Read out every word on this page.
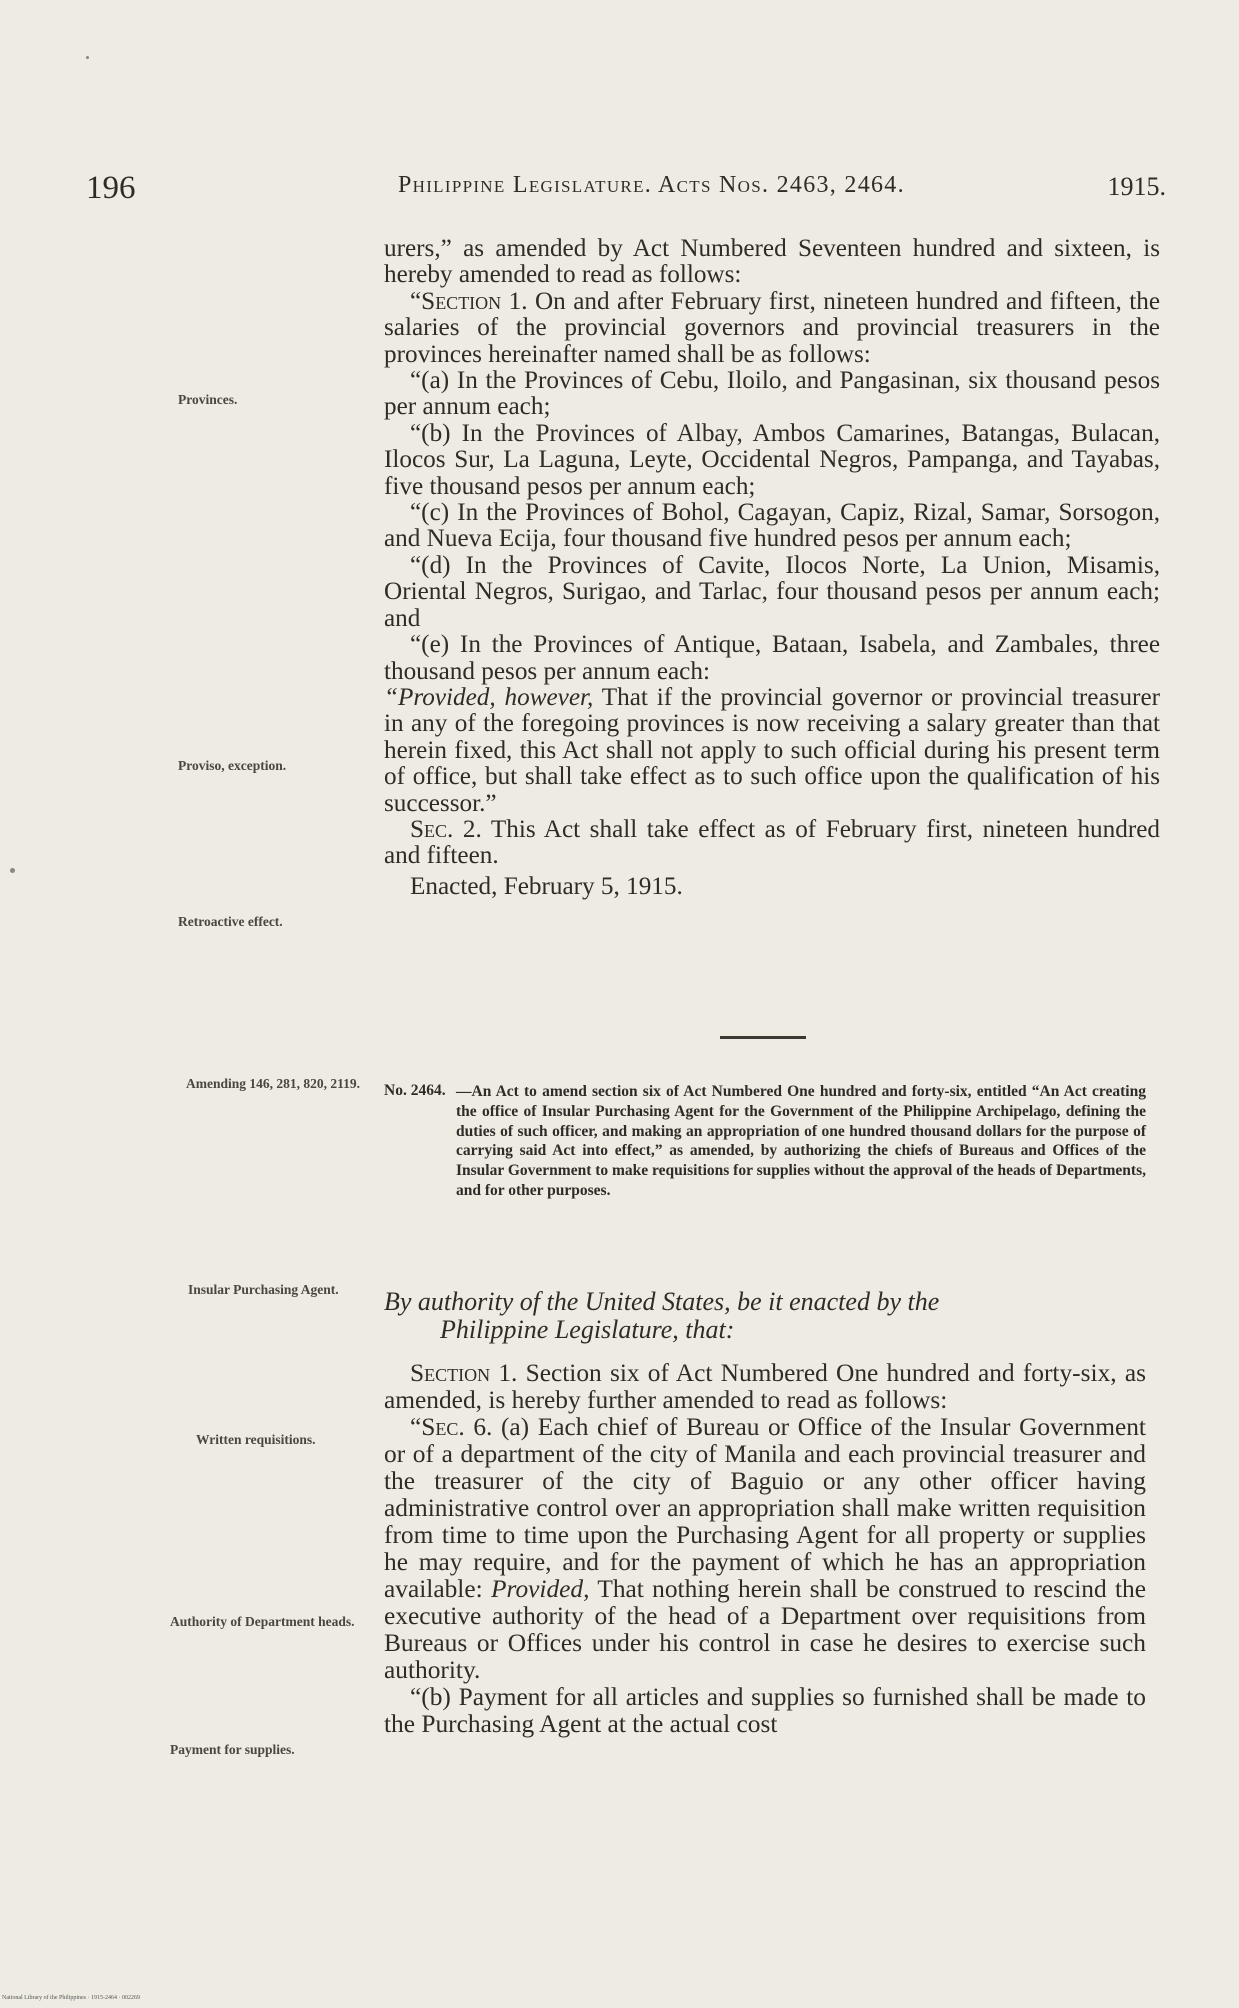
196	Philippine Legislature. Acts Nos. 2463, 2464.	1915.

urers,” as amended by Act Numbered Seventeen hundred and sixteen, is hereby amended to read as follows:

“Section 1. On and after February first, nineteen hundred and fifteen, the salaries of the provincial governors and provincial treasurers in the provinces hereinafter named shall be as follows:

“(a) In the Provinces of Cebu, Iloilo, and Pangasinan, six thousand pesos per annum each;

“(b) In the Provinces of Albay, Ambos Camarines, Batangas, Bulacan, Ilocos Sur, La Laguna, Leyte, Occidental Negros, Pampanga, and Tayabas, five thousand pesos per annum each;

“(c) In the Provinces of Bohol, Cagayan, Capiz, Rizal, Samar, Sorsogon, and Nueva Ecija, four thousand five hundred pesos per annum each;

“(d) In the Provinces of Cavite, Ilocos Norte, La Union, Misamis, Oriental Negros, Surigao, and Tarlac, four thousand pesos per annum each; and

“(e) In the Provinces of Antique, Bataan, Isabela, and Zambales, three thousand pesos per annum each:

“Provided, however, That if the provincial governor or provincial treasurer in any of the foregoing provinces is now receiving a salary greater than that herein fixed, this Act shall not apply to such official during his present term of office, but shall take effect as to such office upon the qualification of his successor.”

Sec. 2. This Act shall take effect as of February first, nineteen hundred and fifteen.

Enacted, February 5, 1915.

Provinces.
Proviso, exception.
Retroactive effect.
Amending 146, 281, 820, 2119.
Insular Purchasing Agent.
Written requisitions.
Authority of Department heads.
Payment for supplies.
No. 2464. —An Act to amend section six of Act Numbered One hundred and forty-six, entitled “An Act creating the office of Insular Purchasing Agent for the Government of the Philippine Archipelago, defining the duties of such officer, and making an appropriation of one hundred thousand dollars for the purpose of carrying said Act into effect,” as amended, by authorizing the chiefs of Bureaus and Offices of the Insular Government to make requisitions for supplies without the approval of the heads of Departments, and for other purposes.
By authority of the United States, be it enacted by the
Philippine Legislature, that:

Section 1. Section six of Act Numbered One hundred and forty-six, as amended, is hereby further amended to read as follows:

“Sec. 6. (a) Each chief of Bureau or Office of the Insular Government or of a department of the city of Manila and each provincial treasurer and the treasurer of the city of Baguio or any other officer having administrative control over an appropriation shall make written requisition from time to time upon the Purchasing Agent for all property or supplies he may require, and for the payment of which he has an appropriation available: Provided, That nothing herein shall be construed to rescind the executive authority of the head of a Department over requisitions from Bureaus or Offices under his control in case he desires to exercise such authority.

“(b) Payment for all articles and supplies so furnished shall be made to the Purchasing Agent at the actual cost

National Library of the Philippines · 1915-2464 · 002269
